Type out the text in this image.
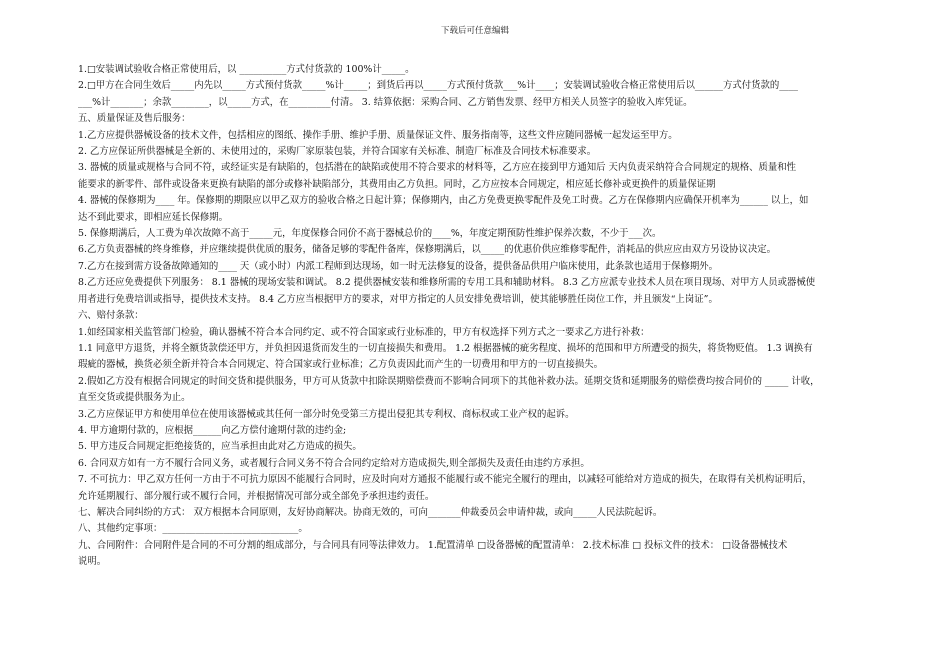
下载后可任意编辑
1.□安装调试验收合格正常使用后，以 __________方式付货款的 100%计_____。
2.□甲方在合同生效后_____内先以_____方式预付货款_____%计_____；到货后再以_____方式预付货款___%计____；安装调试验收合格正常使用后以______方式付货款的____
___%计_______；余款________，以_____方式，在_________付清。 3. 结算依据：采购合同、乙方销售发票、经甲方相关人员签字的验收入库凭证。
五、质量保证及售后服务：
1.乙方应提供器械设备的技术文件，包括相应的图纸、操作手册、维护手册、质量保证文件、服务指南等，这些文件应随同器械一起发运至甲方。
2. 乙方应保证所供器械是全新的、未使用过的，采购厂家原装包装，并符合国家有关标准、制造厂标准及合同技术标准要求。
3. 器械的质量或规格与合同不符，或经证实是有缺陷的，包括潜在的缺陷或使用不符合要求的材料等，乙方应在接到甲方通知后 天内负责采纳符合合同规定的规格、质量和性
能要求的新零件、部件或设备来更换有缺陷的部分或修补缺陷部分，其费用由乙方负担。同时，乙方应按本合同规定，相应延长修补或更换件的质量保证期
4. 器械的保修期为____ 年。保修期的期限应以甲乙双方的验收合格之日起计算；保修期内，由乙方免费更换零配件及免工时费。乙方在保修期内应确保开机率为______ 以上，如
达不到此要求，即相应延长保修期。
5. 保修期满后，人工费为单次故障不高于_____元，年度保修合同价不高于器械总价的____%，年度定期预防性维护保养次数，不少于___次。
6.乙方负责器械的终身维修，并应继续提供优质的服务，储备足够的零配件备库，保修期满后，以_____的优惠价供应维修零配件，消耗品的供应应由双方另设协议决定。
7.乙方在接到需方设备故障通知的____ 天（或小时）内派工程师到达现场，如一时无法修复的设备，提供备品供用户临床使用，此条款也适用于保修期外。
8.乙方还应免费提供下列服务： 8.1 器械的现场安装和调试。 8.2 提供器械安装和维修所需的专用工具和辅助材料。 8.3 乙方应派专业技术人员在项目现场、对甲方人员或器械使
用者进行免费培训或指导，提供技术支持。 8.4 乙方应当根据甲方的要求，对甲方指定的人员安排免费培训，使其能够胜任岗位工作，并且颁发“上岗证”。
六、赔付条款：
1.如经国家相关监管部门检验，确认器械不符合本合同约定、或不符合国家或行业标准的，甲方有权选择下列方式之一要求乙方进行补救：
1.1 同意甲方退货，并将全额货款偿还甲方，并负担因退货而发生的一切直接损失和费用。 1.2 根据器械的疵劣程度、损坏的范围和甲方所遭受的损失，将货物贬值。 1.3 调换有
瑕疵的器械，换货必须全新并符合本合同规定、符合国家或行业标准；乙方负责因此而产生的一切费用和甲方的一切直接损失。
2.假如乙方没有根据合同规定的时间交货和提供服务，甲方可从货款中扣除误期赔偿费而不影响合同项下的其他补救办法。延期交货和延期服务的赔偿费均按合同价的 _____ 计收，
直至交货或提供服务为止。
3.乙方应保证甲方和使用单位在使用该器械或其任何一部分时免受第三方提出侵犯其专利权、商标权或工业产权的起诉。
4. 甲方逾期付款的，应根据______向乙方偿付逾期付款的违约金;
5. 甲方违反合同规定拒绝接货的，应当承担由此对乙方造成的损失。
6. 合同双方如有一方不履行合同义务，或者履行合同义务不符合合同约定给对方造成损失,则全部损失及责任由违约方承担。
7. 不可抗力：甲乙双方任何一方由于不可抗力原因不能履行合同时，应及时向对方通报不能履行或不能完全履行的理由，以减轻可能给对方造成的损失，在取得有关机构证明后，
允许延期履行、部分履行或不履行合同，并根据情况可部分或全部免予承担违约责任。
七、解决合同纠纷的方式： 双方根据本合同原则，友好协商解决。协商无效的，可向_______仲裁委员会申请仲裁，或向_____人民法院起诉。
八、其他约定事项：_____________________________。
九、合同附件：合同附件是合同的不可分割的组成部分，与合同具有同等法律效力。 1.配置清单 □设备器械的配置清单： 2.技术标准 □ 投标文件的技术： □设备器械技术
说明。
